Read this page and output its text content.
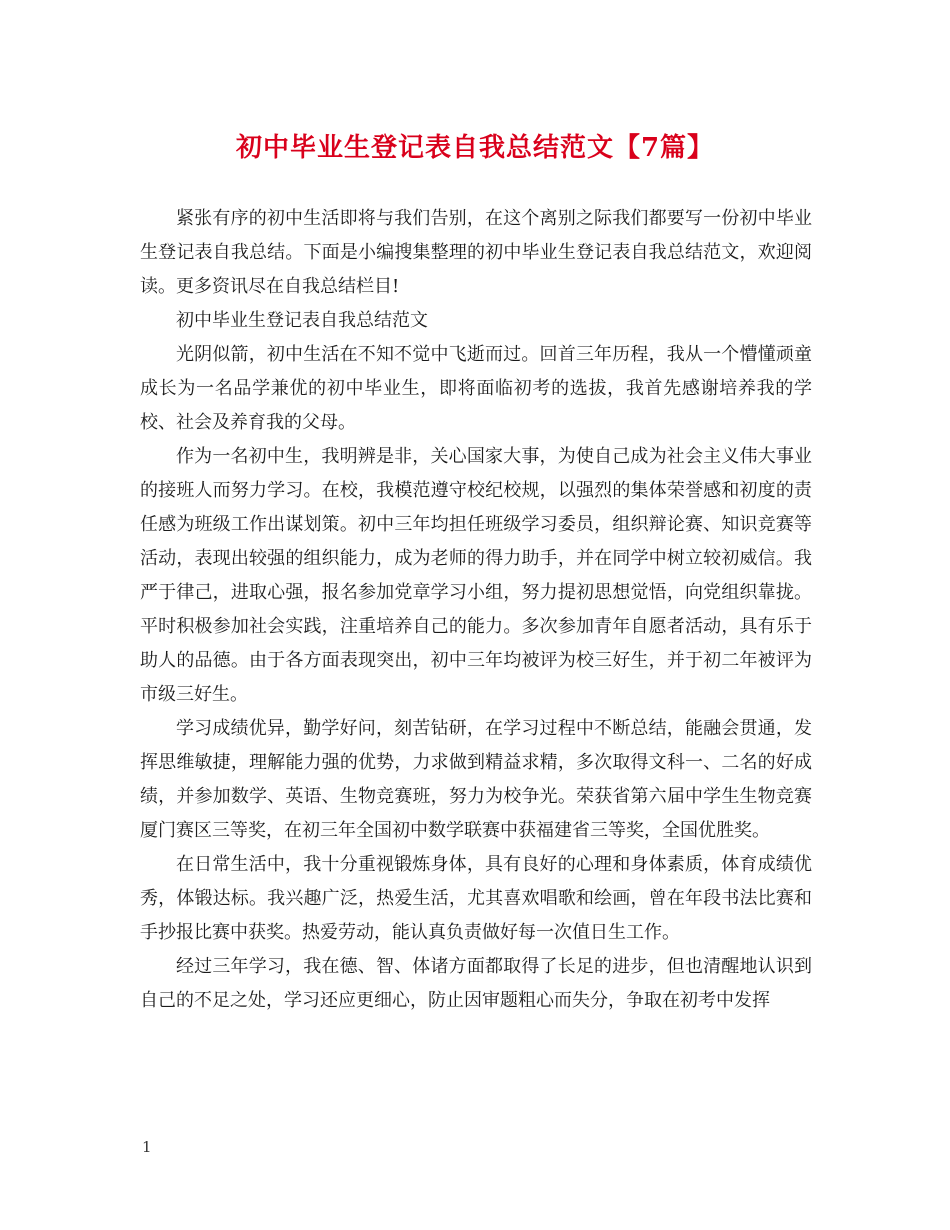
初中毕业生登记表自我总结范文【7篇】

紧张有序的初中生活即将与我们告别，在这个离别之际我们都要写一份初中毕业生登记表自我总结。下面是小编搜集整理的初中毕业生登记表自我总结范文，欢迎阅读。更多资讯尽在自我总结栏目!

初中毕业生登记表自我总结范文

光阴似箭，初中生活在不知不觉中飞逝而过。回首三年历程，我从一个懵懂顽童成长为一名品学兼优的初中毕业生，即将面临初考的选拔，我首先感谢培养我的学校、社会及养育我的父母。

作为一名初中生，我明辨是非，关心国家大事，为使自己成为社会主义伟大事业的接班人而努力学习。在校，我模范遵守校纪校规，以强烈的集体荣誉感和初度的责任感为班级工作出谋划策。初中三年均担任班级学习委员，组织辩论赛、知识竞赛等活动，表现出较强的组织能力，成为老师的得力助手，并在同学中树立较初威信。我严于律己，进取心强，报名参加党章学习小组，努力提初思想觉悟，向党组织靠拢。平时积极参加社会实践，注重培养自己的能力。多次参加青年自愿者活动，具有乐于助人的品德。由于各方面表现突出，初中三年均被评为校三好生，并于初二年被评为市级三好生。

学习成绩优异，勤学好问，刻苦钻研，在学习过程中不断总结，能融会贯通，发挥思维敏捷，理解能力强的优势，力求做到精益求精，多次取得文科一、二名的好成绩，并参加数学、英语、生物竞赛班，努力为校争光。荣获省第六届中学生生物竞赛厦门赛区三等奖，在初三年全国初中数学联赛中获福建省三等奖，全国优胜奖。

在日常生活中，我十分重视锻炼身体，具有良好的心理和身体素质，体育成绩优秀，体锻达标。我兴趣广泛，热爱生活，尤其喜欢唱歌和绘画，曾在年段书法比赛和手抄报比赛中获奖。热爱劳动，能认真负责做好每一次值日生工作。

经过三年学习，我在德、智、体诸方面都取得了长足的进步，但也清醒地认识到自己的不足之处，学习还应更细心，防止因审题粗心而失分，争取在初考中发挥

1
